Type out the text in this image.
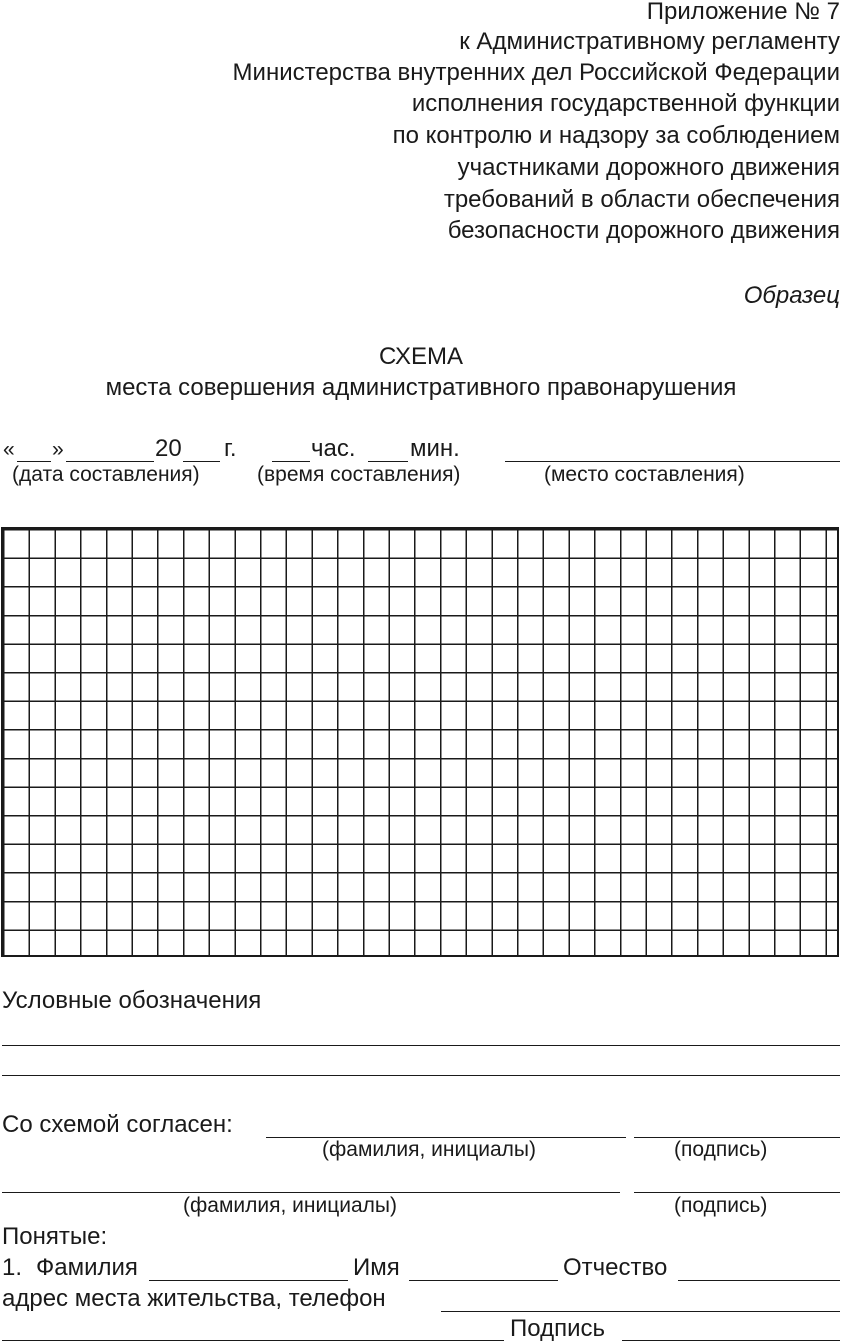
Приложение № 7
к Административному регламенту
Министерства внутренних дел Российской Федерации
исполнения государственной функции
по контролю и надзору за соблюдением
участниками дорожного движения
требований в области обеспечения
безопасности дорожного движения
Образец
СХЕМА
места совершения административного правонарушения
« »	20 г.	час. мин.
(дата составления)	(время составления)	(место составления)
Условные обозначения
Со схемой согласен:
(фамилия, инициалы)	(подпись)
(фамилия, инициалы)	(подпись)
Понятые:
1. Фамилия	Имя	Отчество
адрес места жительства, телефон
Подпись
